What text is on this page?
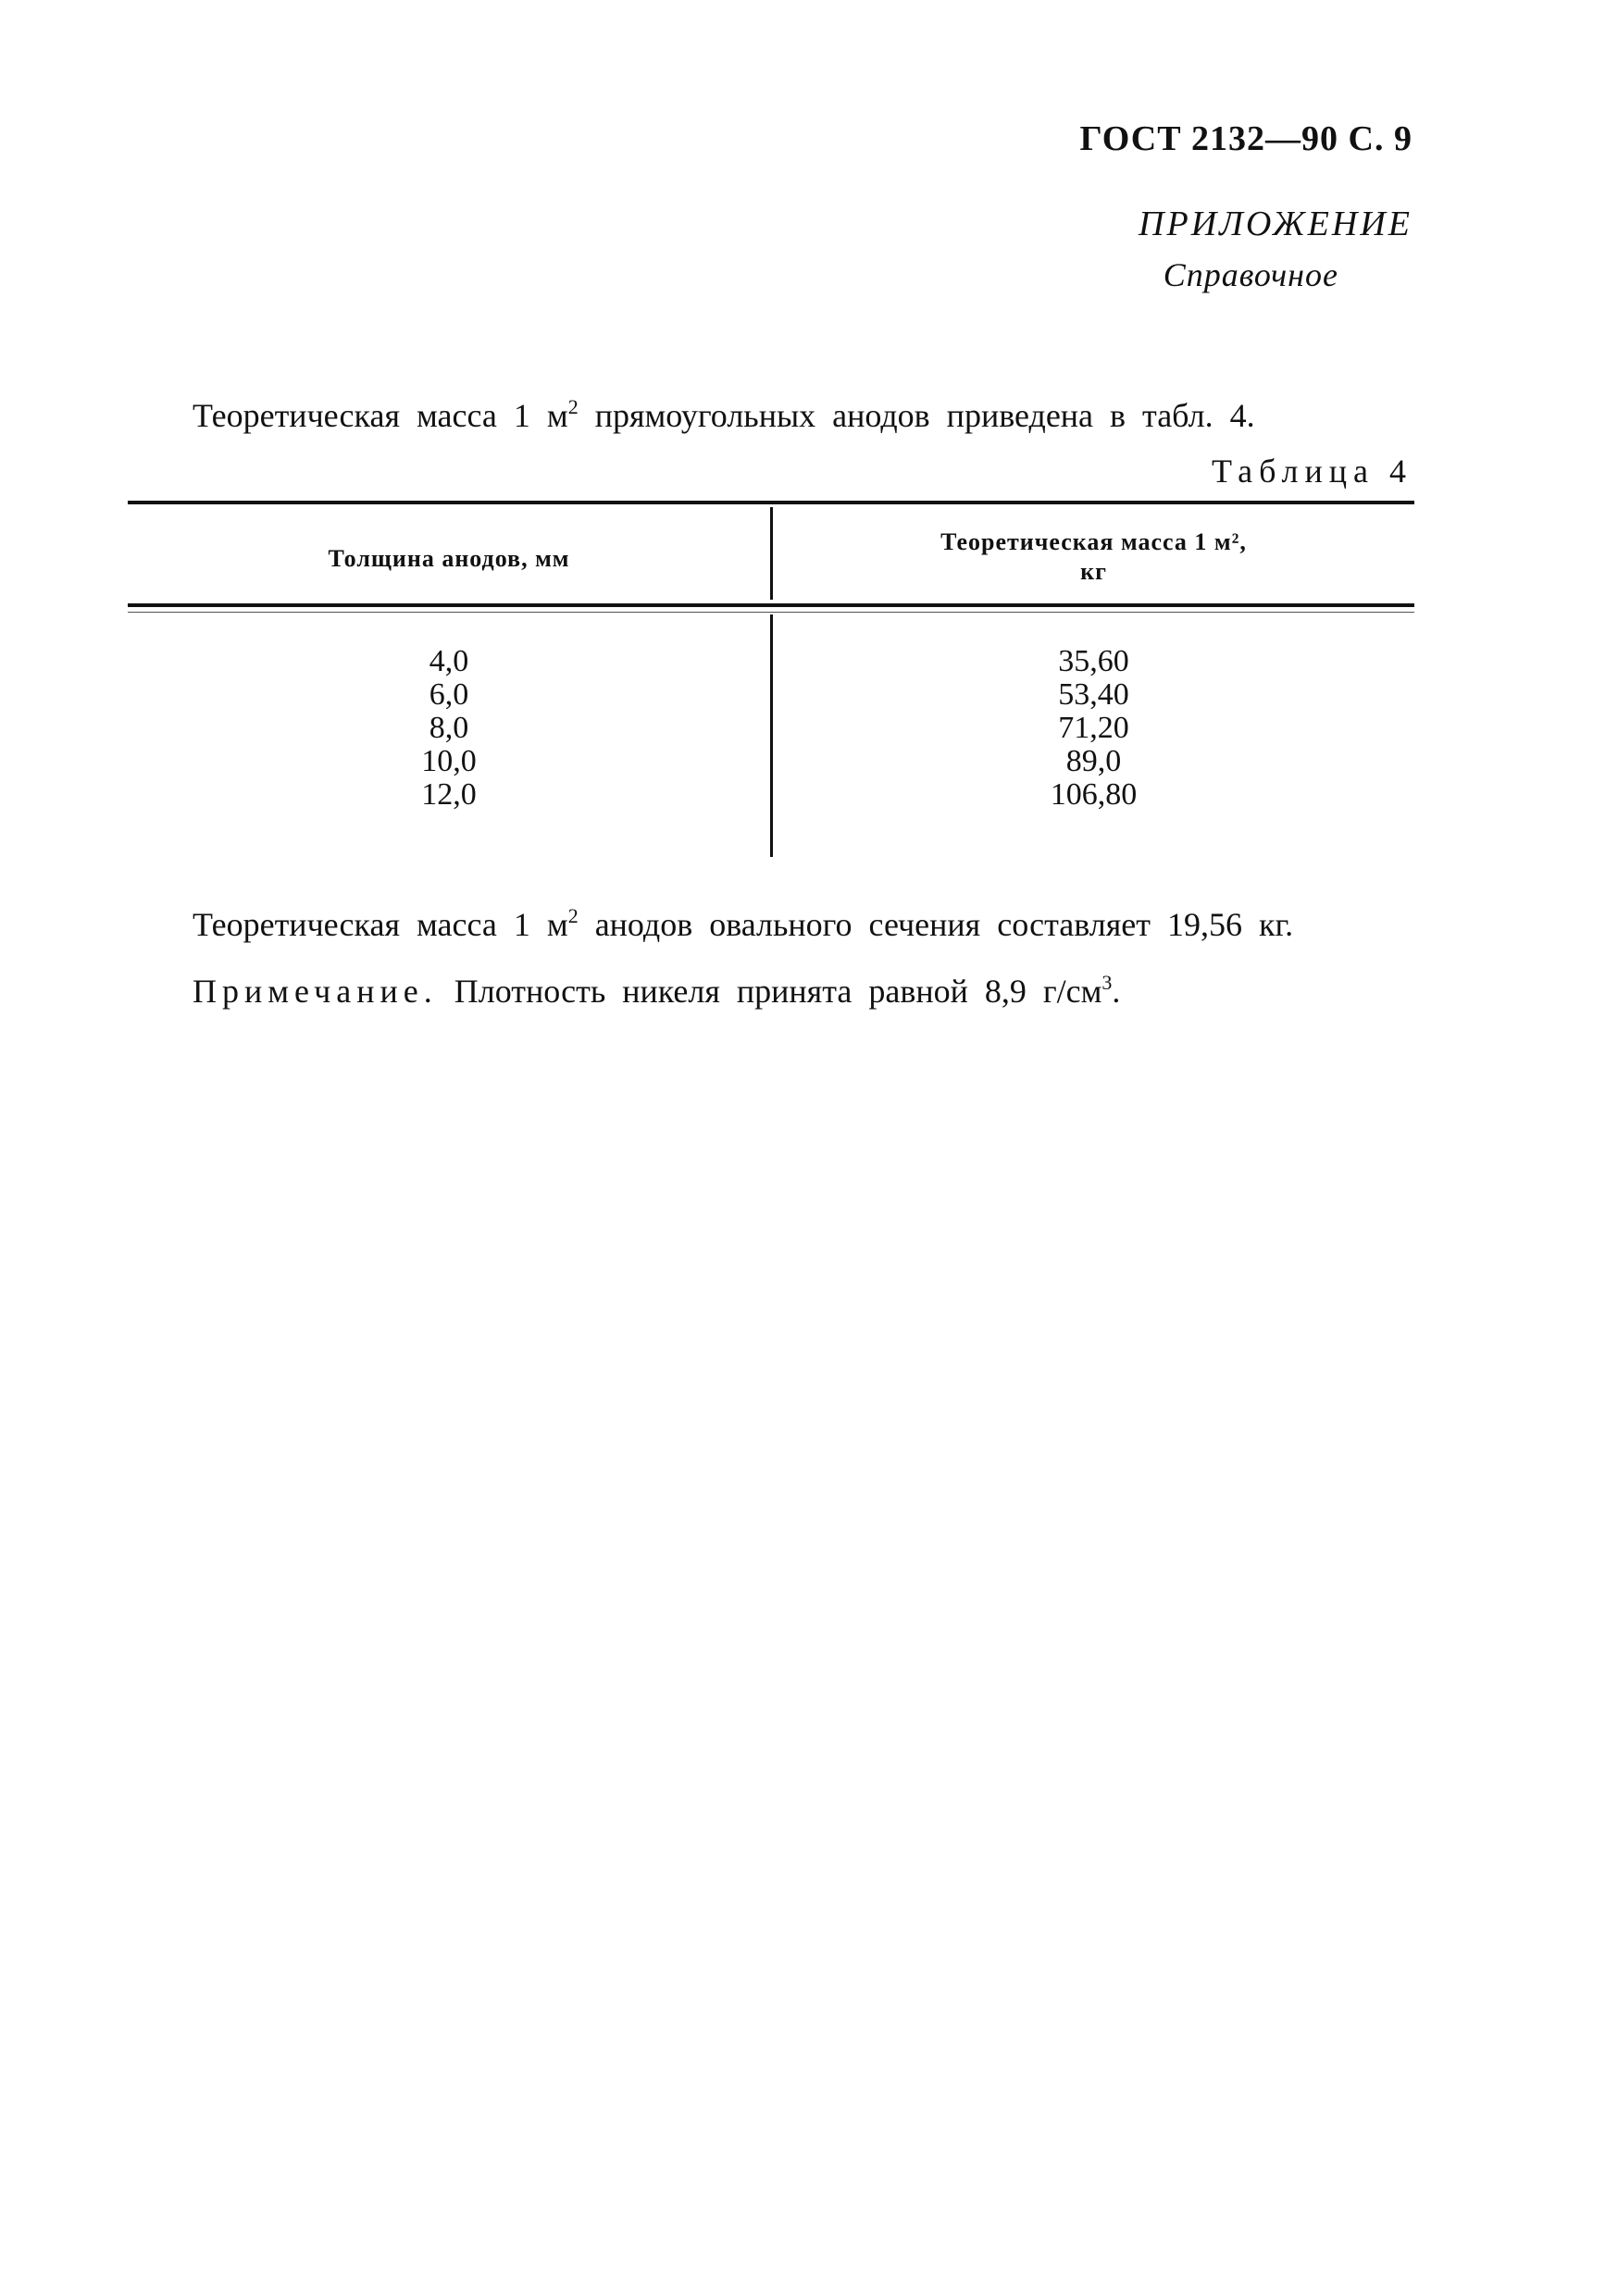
ГОСТ 2132—90 С. 9
ПРИЛОЖЕНИЕ
Справочное
Теоретическая масса 1 $м^2$ прямоугольных анодов приведена в табл. 4.
Таблица 4
Толщина анодов, мм
Теоретическая масса 1 м²,
кг
4,0
6,0
8,0
10,0
12,0
35,60
53,40
71,20
89,0
106,80
Теоретическая масса 1 $м^2$ анодов овального сечения составляет 19,56 кг.
Примечание. Плотность никеля принята равной 8,9 $г/см^3$.
